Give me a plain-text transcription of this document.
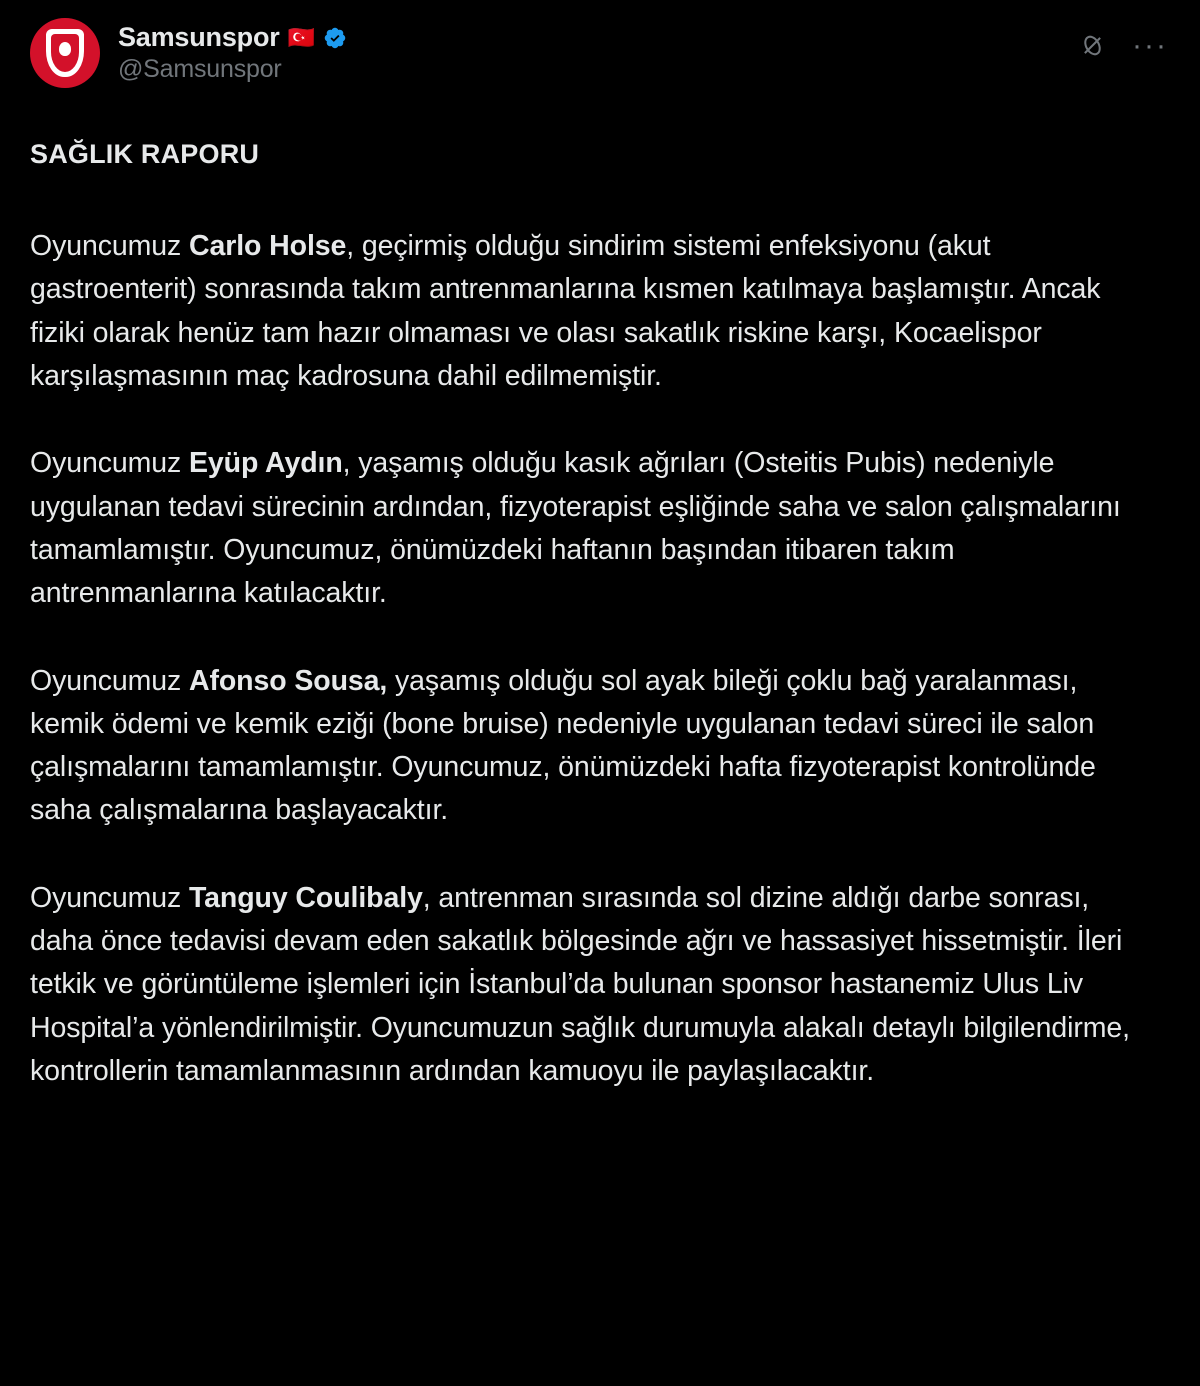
Samsunspor 🇹🇷
@Samsunspor
···
SAĞLIK RAPORU

Oyuncumuz Carlo Holse, geçirmiş olduğu sindirim sistemi enfeksiyonu (akut gastroenterit) sonrasında takım antrenmanlarına kısmen katılmaya başlamıştır. Ancak fiziki olarak henüz tam hazır olmaması ve olası sakatlık riskine karşı, Kocaelispor karşılaşmasının maç kadrosuna dahil edilmemiştir.

Oyuncumuz Eyüp Aydın, yaşamış olduğu kasık ağrıları (Osteitis Pubis) nedeniyle uygulanan tedavi sürecinin ardından, fizyoterapist eşliğinde saha ve salon çalışmalarını tamamlamıştır. Oyuncumuz, önümüzdeki haftanın başından itibaren takım antrenmanlarına katılacaktır.

Oyuncumuz Afonso Sousa, yaşamış olduğu sol ayak bileği çoklu bağ yaralanması, kemik ödemi ve kemik eziği (bone bruise) nedeniyle uygulanan tedavi süreci ile salon çalışmalarını tamamlamıştır. Oyuncumuz, önümüzdeki hafta fizyoterapist kontrolünde saha çalışmalarına başlayacaktır.

Oyuncumuz Tanguy Coulibaly, antrenman sırasında sol dizine aldığı darbe sonrası, daha önce tedavisi devam eden sakatlık bölgesinde ağrı ve hassasiyet hissetmiştir. İleri tetkik ve görüntüleme işlemleri için İstanbul’da bulunan sponsor hastanemiz Ulus Liv Hospital’a yönlendirilmiştir. Oyuncumuzun sağlık durumuyla alakalı detaylı bilgilendirme, kontrollerin tamamlanmasının ardından kamuoyu ile paylaşılacaktır.
